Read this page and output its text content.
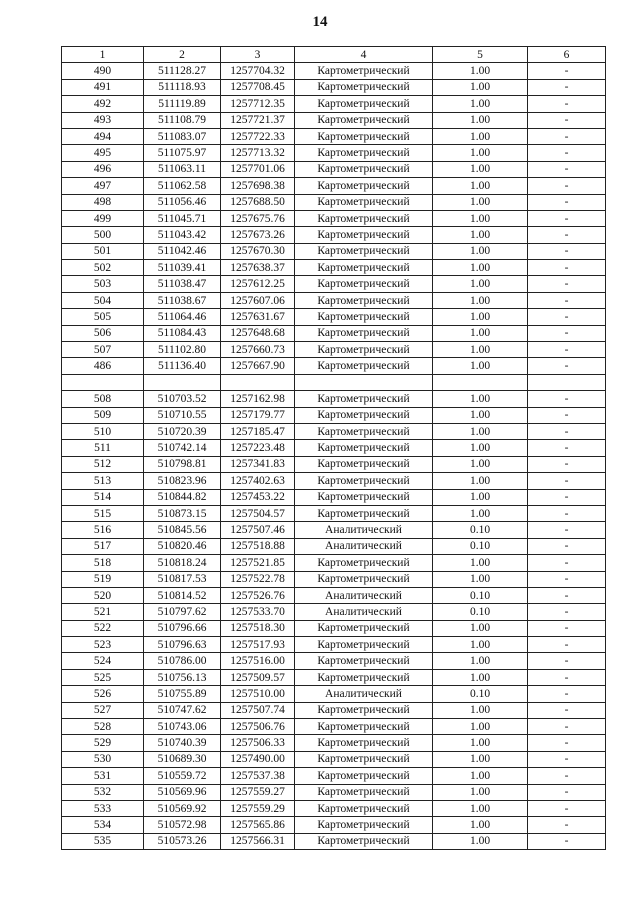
14
1	2	3	4	5	6
490	511128.27	1257704.32	Картометрический	1.00	-
491	511118.93	1257708.45	Картометрический	1.00	-
492	511119.89	1257712.35	Картометрический	1.00	-
493	511108.79	1257721.37	Картометрический	1.00	-
494	511083.07	1257722.33	Картометрический	1.00	-
495	511075.97	1257713.32	Картометрический	1.00	-
496	511063.11	1257701.06	Картометрический	1.00	-
497	511062.58	1257698.38	Картометрический	1.00	-
498	511056.46	1257688.50	Картометрический	1.00	-
499	511045.71	1257675.76	Картометрический	1.00	-
500	511043.42	1257673.26	Картометрический	1.00	-
501	511042.46	1257670.30	Картометрический	1.00	-
502	511039.41	1257638.37	Картометрический	1.00	-
503	511038.47	1257612.25	Картометрический	1.00	-
504	511038.67	1257607.06	Картометрический	1.00	-
505	511064.46	1257631.67	Картометрический	1.00	-
506	511084.43	1257648.68	Картометрический	1.00	-
507	511102.80	1257660.73	Картометрический	1.00	-
486	511136.40	1257667.90	Картометрический	1.00	-

508	510703.52	1257162.98	Картометрический	1.00	-
509	510710.55	1257179.77	Картометрический	1.00	-
510	510720.39	1257185.47	Картометрический	1.00	-
511	510742.14	1257223.48	Картометрический	1.00	-
512	510798.81	1257341.83	Картометрический	1.00	-
513	510823.96	1257402.63	Картометрический	1.00	-
514	510844.82	1257453.22	Картометрический	1.00	-
515	510873.15	1257504.57	Картометрический	1.00	-
516	510845.56	1257507.46	Аналитический	0.10	-
517	510820.46	1257518.88	Аналитический	0.10	-
518	510818.24	1257521.85	Картометрический	1.00	-
519	510817.53	1257522.78	Картометрический	1.00	-
520	510814.52	1257526.76	Аналитический	0.10	-
521	510797.62	1257533.70	Аналитический	0.10	-
522	510796.66	1257518.30	Картометрический	1.00	-
523	510796.63	1257517.93	Картометрический	1.00	-
524	510786.00	1257516.00	Картометрический	1.00	-
525	510756.13	1257509.57	Картометрический	1.00	-
526	510755.89	1257510.00	Аналитический	0.10	-
527	510747.62	1257507.74	Картометрический	1.00	-
528	510743.06	1257506.76	Картометрический	1.00	-
529	510740.39	1257506.33	Картометрический	1.00	-
530	510689.30	1257490.00	Картометрический	1.00	-
531	510559.72	1257537.38	Картометрический	1.00	-
532	510569.96	1257559.27	Картометрический	1.00	-
533	510569.92	1257559.29	Картометрический	1.00	-
534	510572.98	1257565.86	Картометрический	1.00	-
535	510573.26	1257566.31	Картометрический	1.00	-
